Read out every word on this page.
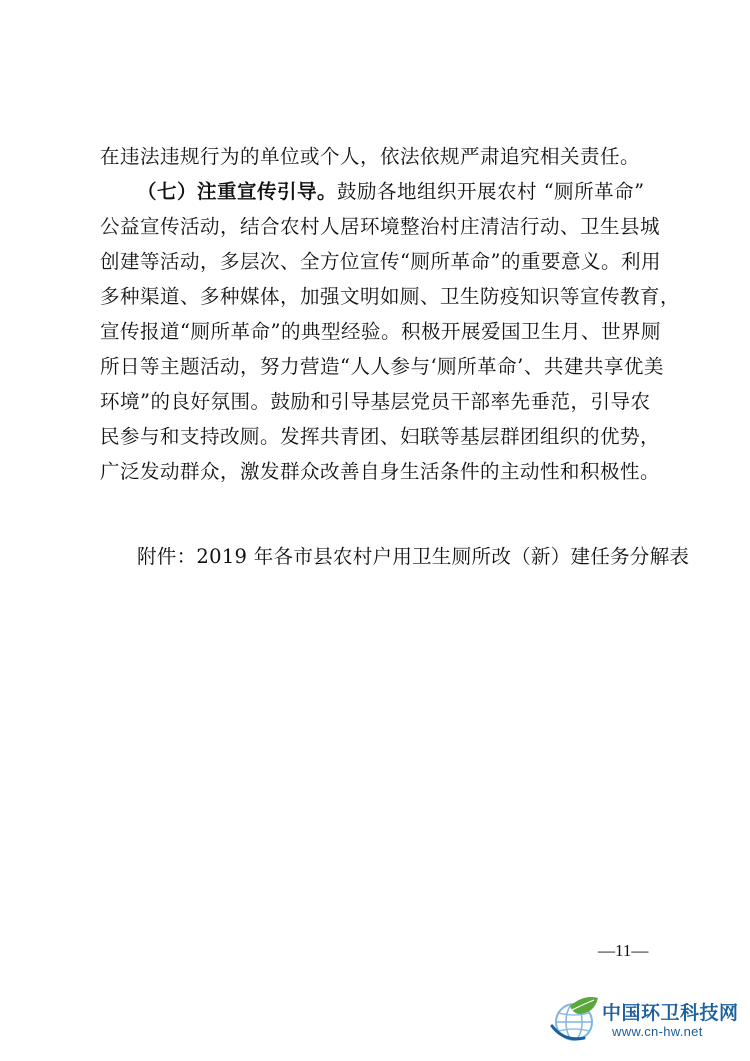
在违法违规行为的单位或个人，依法依规严肃追究相关责任。
（七）注重宣传引导。鼓励各地组织开展农村 “厕所革命”
公益宣传活动，结合农村人居环境整治村庄清洁行动、卫生县城
创建等活动，多层次、全方位宣传“厕所革命”的重要意义。利用
多种渠道、多种媒体，加强文明如厕、卫生防疫知识等宣传教育，
宣传报道“厕所革命”的典型经验。积极开展爱国卫生月、世界厕
所日等主题活动，努力营造“人人参与‘厕所革命’、共建共享优美
环境”的良好氛围。鼓励和引导基层党员干部率先垂范，引导农
民参与和支持改厕。发挥共青团、妇联等基层群团组织的优势，
广泛发动群众，激发群众改善自身生活条件的主动性和积极性。
附件：2019 年各市县农村户用卫生厕所改（新）建任务分解表
—11—
中国环卫科技网
www.cn-hw.net
